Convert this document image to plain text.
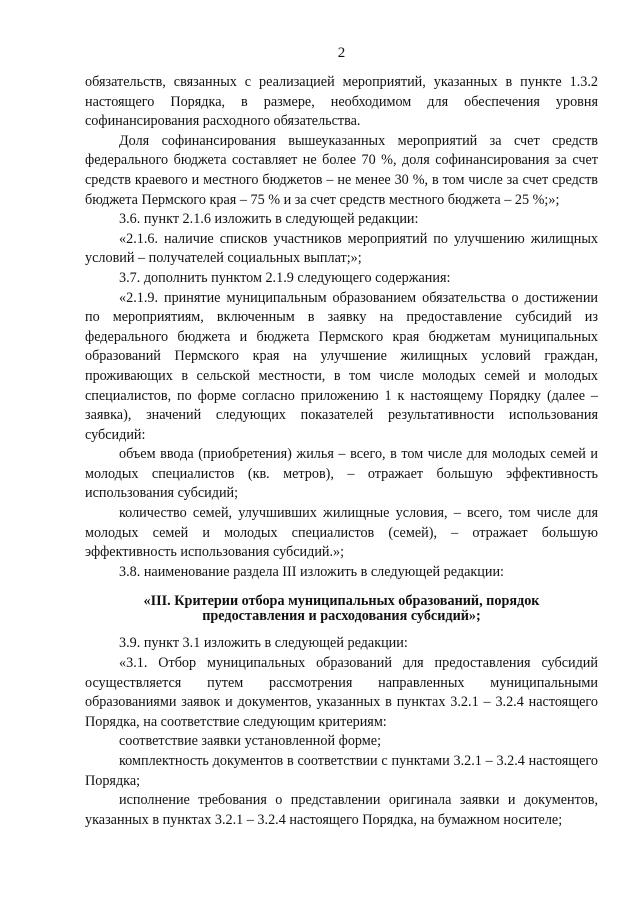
2

обязательств, связанных с реализацией мероприятий, указанных в пункте 1.3.2 настоящего Порядка, в размере, необходимом для обеспечения уровня софинансирования расходного обязательства.

Доля софинансирования вышеуказанных мероприятий за счет средств федерального бюджета составляет не более 70 %, доля софинансирования за счет средств краевого и местного бюджетов – не менее 30 %, в том числе за счет средств бюджета Пермского края – 75 % и за счет средств местного бюджета – 25 %;»;

3.6. пункт 2.1.6 изложить в следующей редакции:

«2.1.6. наличие списков участников мероприятий по улучшению жилищных условий – получателей социальных выплат;»;

3.7. дополнить пунктом 2.1.9 следующего содержания:

«2.1.9. принятие муниципальным образованием обязательства о достижении по мероприятиям, включенным в заявку на предоставление субсидий из федерального бюджета и бюджета Пермского края бюджетам муниципальных образований Пермского края на улучшение жилищных условий граждан, проживающих в сельской местности, в том числе молодых семей и молодых специалистов, по форме согласно приложению 1 к настоящему Порядку (далее – заявка), значений следующих показателей результативности использования субсидий:

объем ввода (приобретения) жилья – всего, в том числе для молодых семей и молодых специалистов (кв. метров), – отражает большую эффективность использования субсидий;

количество семей, улучшивших жилищные условия, – всего, том числе для молодых семей и молодых специалистов (семей), – отражает большую эффективность использования субсидий.»;

3.8. наименование раздела III изложить в следующей редакции:

«III. Критерии отбора муниципальных образований, порядок
предоставления и расходования субсидий»;

3.9. пункт 3.1 изложить в следующей редакции:

«3.1. Отбор муниципальных образований для предоставления субсидий осуществляется путем рассмотрения направленных муниципальными образованиями заявок и документов, указанных в пунктах 3.2.1 – 3.2.4 настоящего Порядка, на соответствие следующим критериям:

соответствие заявки установленной форме;

комплектность документов в соответствии с пунктами 3.2.1 – 3.2.4 настоящего Порядка;

исполнение требования о представлении оригинала заявки и документов, указанных в пунктах 3.2.1 – 3.2.4 настоящего Порядка, на бумажном носителе;
